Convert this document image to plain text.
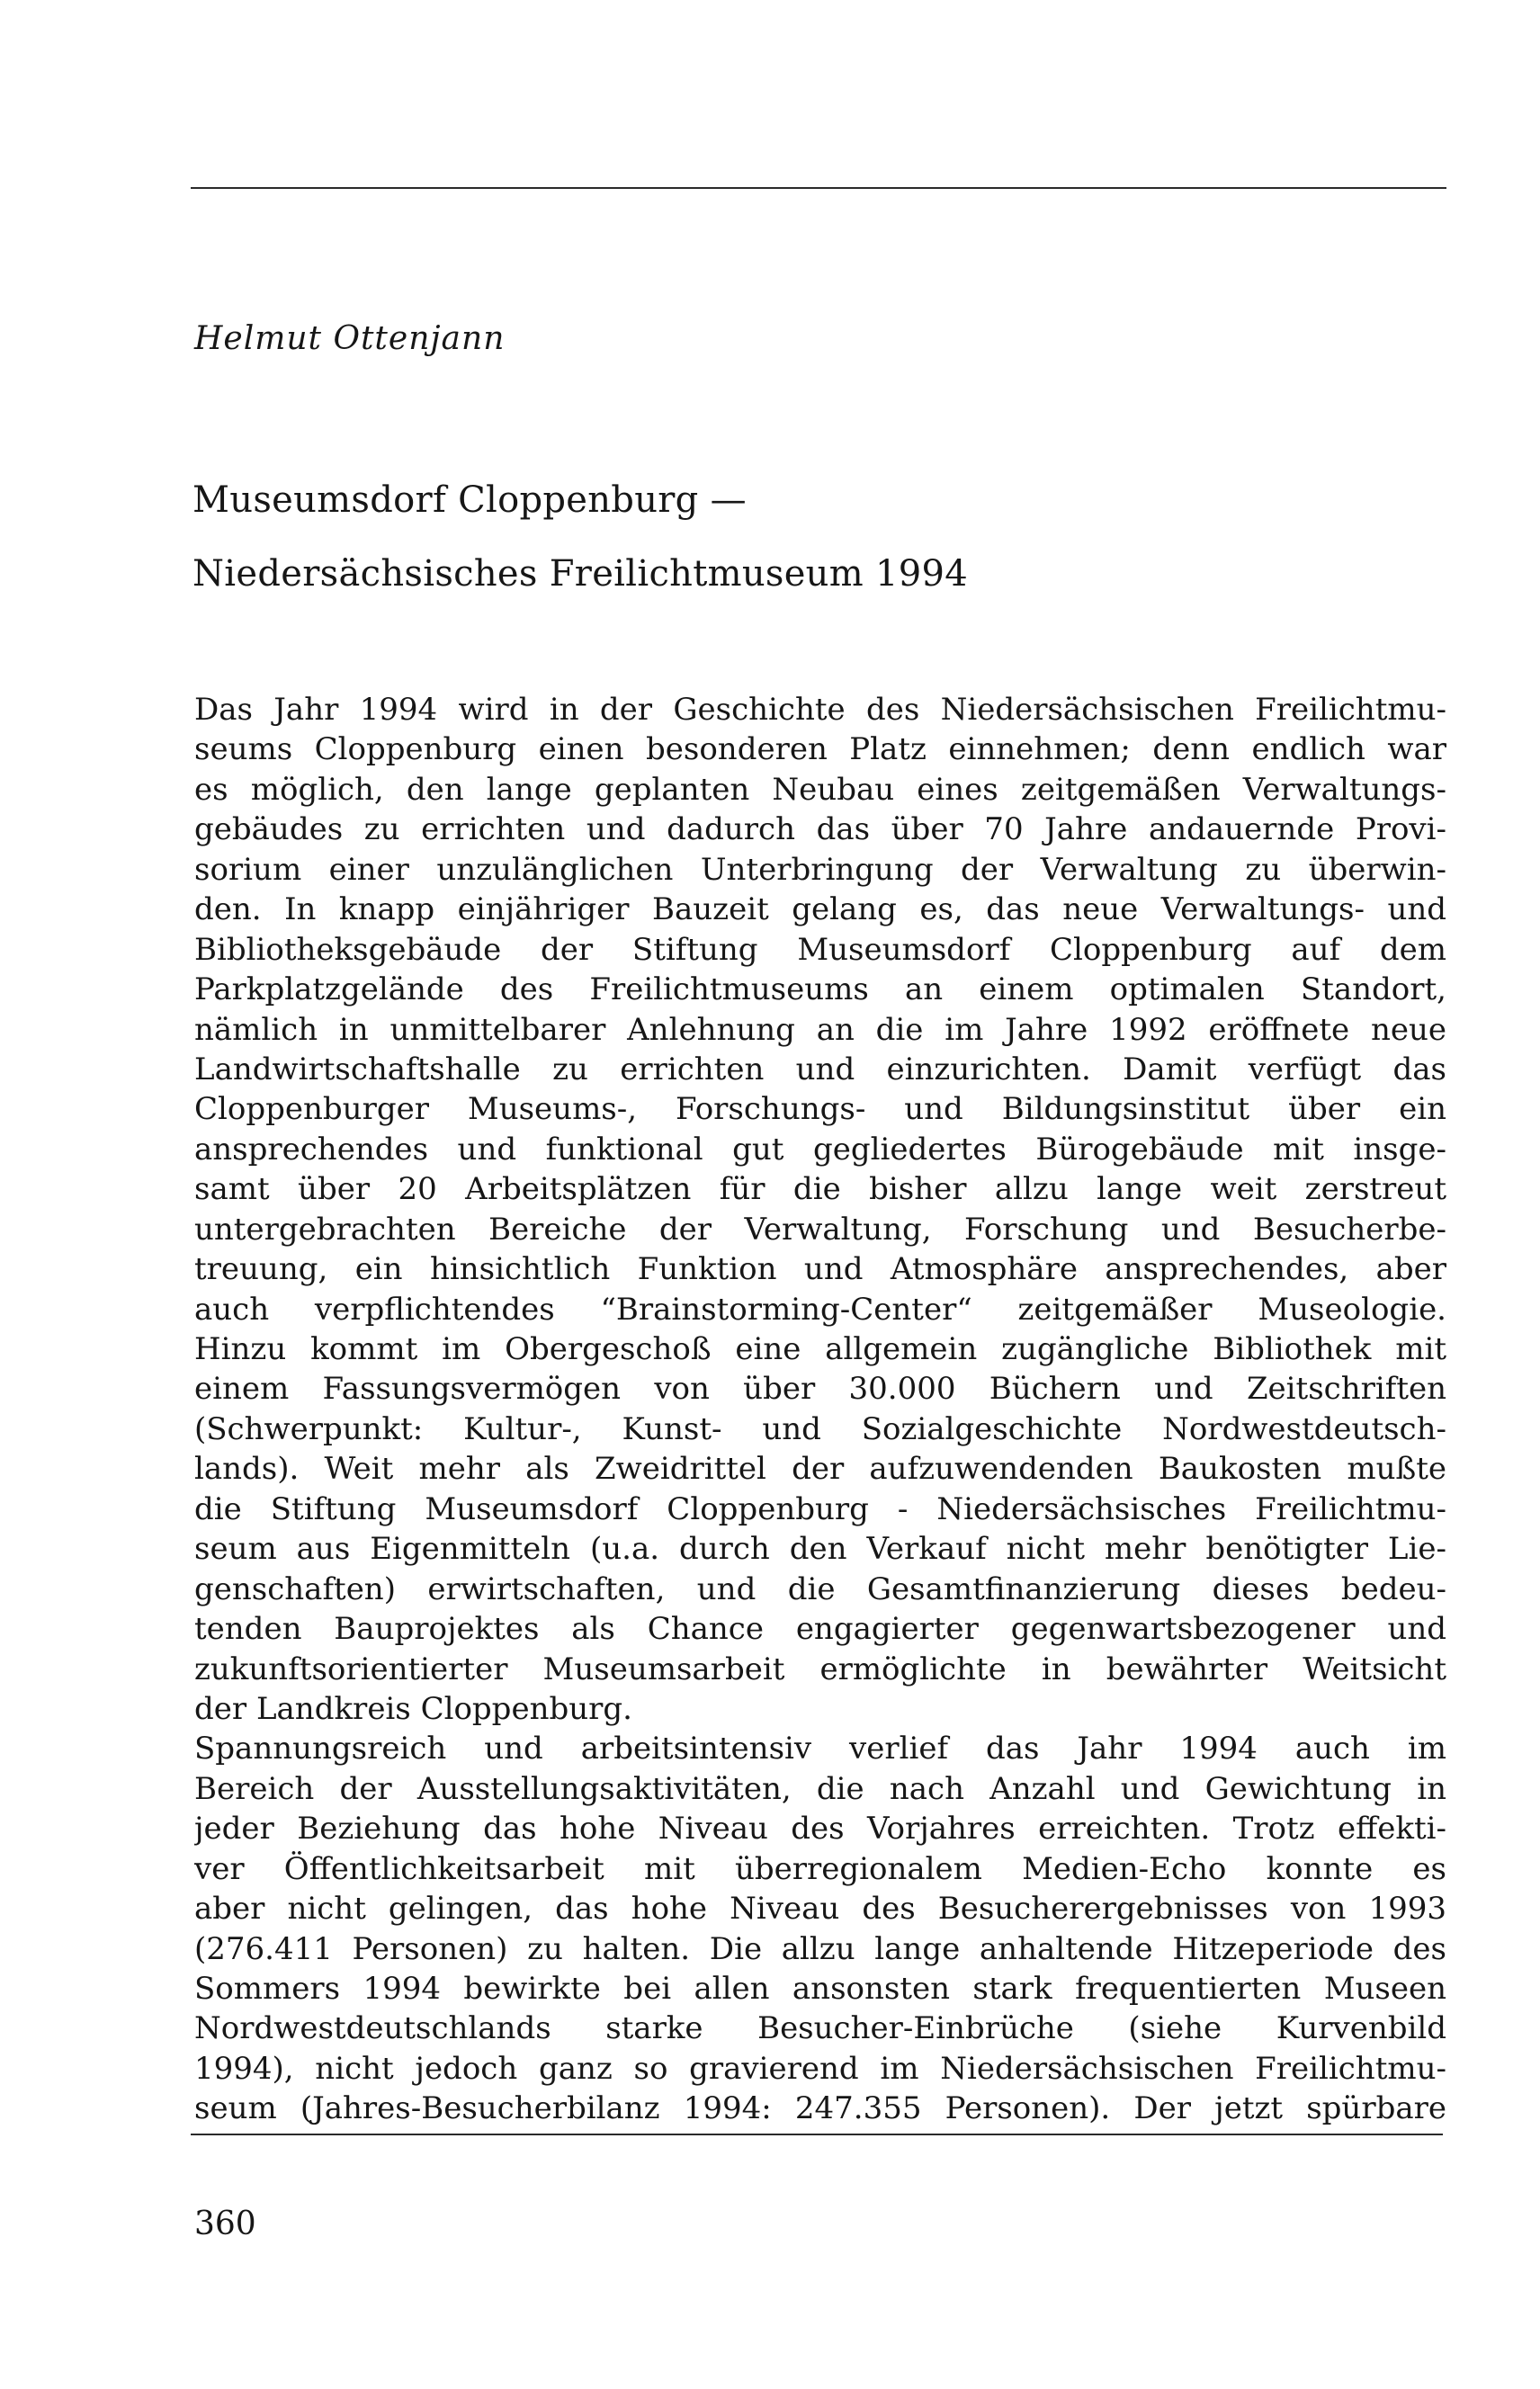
Helmut Ottenjann
Museumsdorf Cloppenburg —
Niedersächsisches Freilichtmuseum 1994
Das Jahr 1994 wird in der Geschichte des Niedersächsischen Freilichtmu-
seums Cloppenburg einen besonderen Platz einnehmen; denn endlich war
es möglich, den lange geplanten Neubau eines zeitgemäßen Verwaltungs-
gebäudes zu errichten und dadurch das über 70 Jahre andauernde Provi-
sorium einer unzulänglichen Unterbringung der Verwaltung zu überwin-
den. In knapp einjähriger Bauzeit gelang es, das neue Verwaltungs- und
Bibliotheksgebäude der Stiftung Museumsdorf Cloppenburg auf dem
Parkplatzgelände des Freilichtmuseums an einem optimalen Standort,
nämlich in unmittelbarer Anlehnung an die im Jahre 1992 eröffnete neue
Landwirtschaftshalle zu errichten und einzurichten. Damit verfügt das
Cloppenburger Museums-, Forschungs- und Bildungsinstitut über ein
ansprechendes und funktional gut gegliedertes Bürogebäude mit insge-
samt über 20 Arbeitsplätzen für die bisher allzu lange weit zerstreut
untergebrachten Bereiche der Verwaltung, Forschung und Besucherbe-
treuung, ein hinsichtlich Funktion und Atmosphäre ansprechendes, aber
auch verpflichtendes “Brainstorming-Center“ zeitgemäßer Museologie.
Hinzu kommt im Obergeschoß eine allgemein zugängliche Bibliothek mit
einem Fassungsvermögen von über 30.000 Büchern und Zeitschriften
(Schwerpunkt: Kultur-, Kunst- und Sozialgeschichte Nordwestdeutsch-
lands). Weit mehr als Zweidrittel der aufzuwendenden Baukosten mußte
die Stiftung Museumsdorf Cloppenburg - Niedersächsisches Freilichtmu-
seum aus Eigenmitteln (u.a. durch den Verkauf nicht mehr benötigter Lie-
genschaften) erwirtschaften, und die Gesamtfinanzierung dieses bedeu-
tenden Bauprojektes als Chance engagierter gegenwartsbezogener und
zukunftsorientierter Museumsarbeit ermöglichte in bewährter Weitsicht
der Landkreis Cloppenburg.
Spannungsreich und arbeitsintensiv verlief das Jahr 1994 auch im
Bereich der Ausstellungsaktivitäten, die nach Anzahl und Gewichtung in
jeder Beziehung das hohe Niveau des Vorjahres erreichten. Trotz effekti-
ver Öffentlichkeitsarbeit mit überregionalem Medien-Echo konnte es
aber nicht gelingen, das hohe Niveau des Besucherergebnisses von 1993
(276.411 Personen) zu halten. Die allzu lange anhaltende Hitzeperiode des
Sommers 1994 bewirkte bei allen ansonsten stark frequentierten Museen
Nordwestdeutschlands starke Besucher-Einbrüche (siehe Kurvenbild
1994), nicht jedoch ganz so gravierend im Niedersächsischen Freilichtmu-
seum (Jahres-Besucherbilanz 1994: 247.355 Personen). Der jetzt spürbare
360
